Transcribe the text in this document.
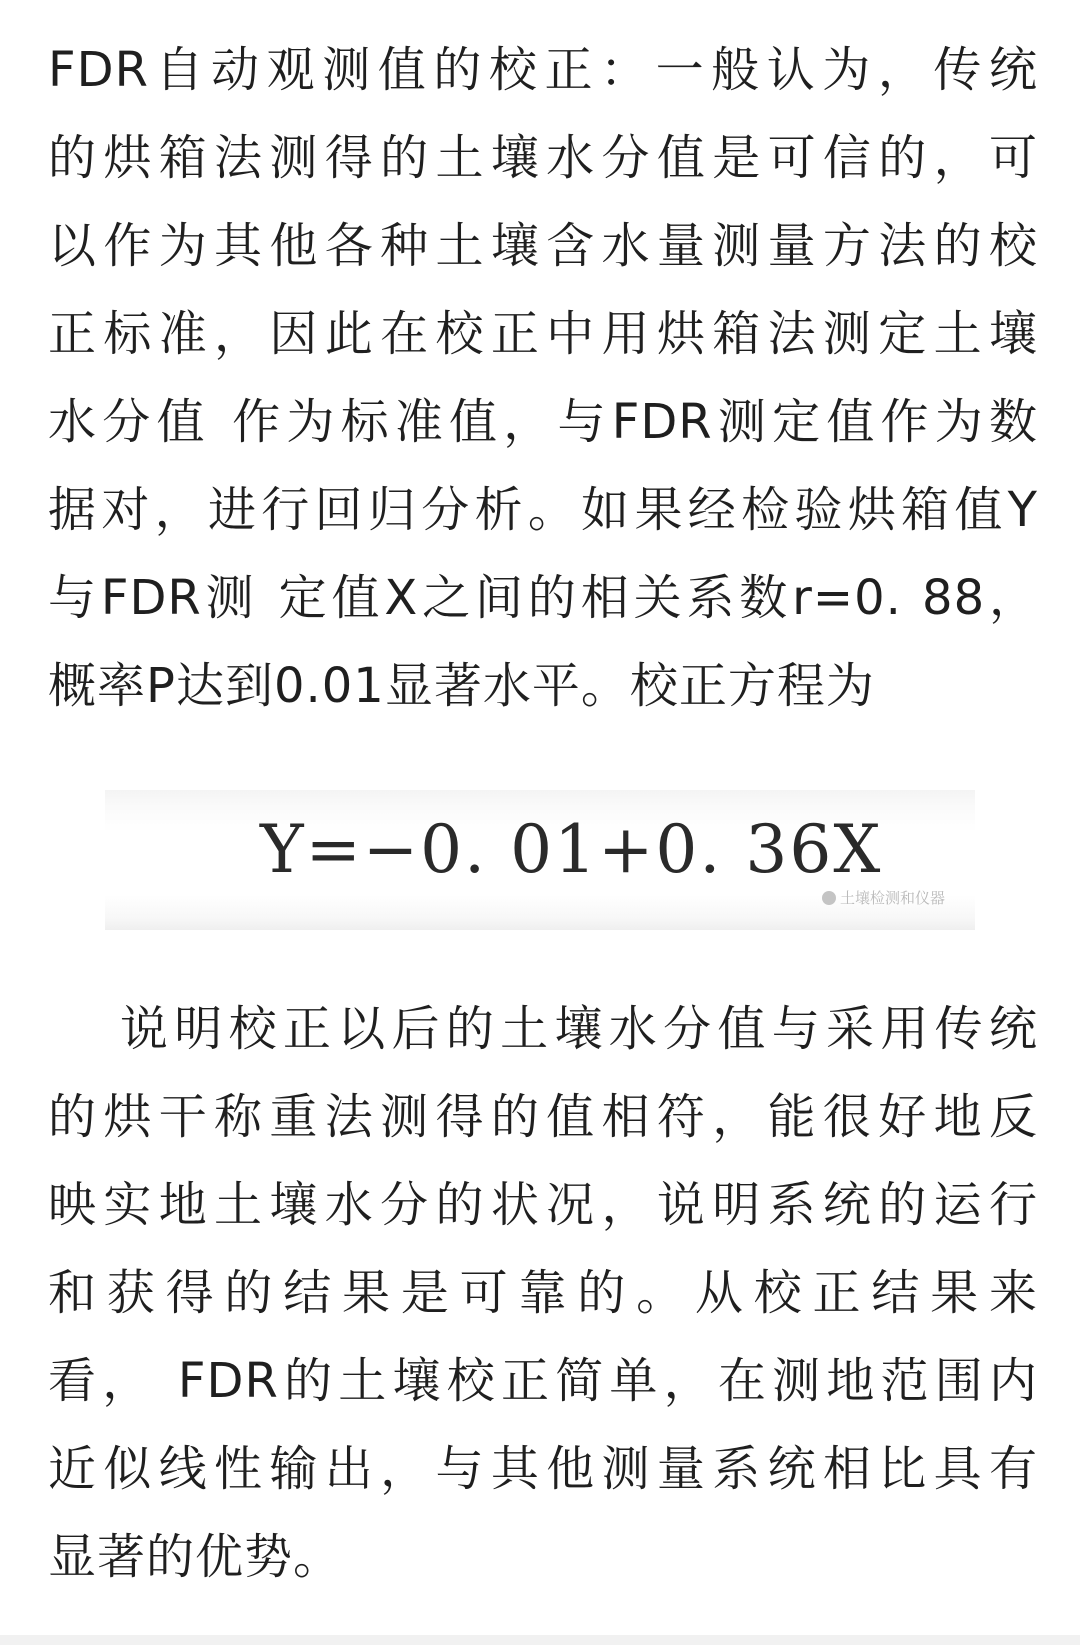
FDR自动观测值的校正：一般认为，传统
的烘箱法测得的土壤水分值是可信的，可
以作为其他各种土壤含水量测量方法的校
正标准，因此在校正中用烘箱法测定土壤
水分值 作为标准值，与FDR测定值作为数
据对，进行回归分析。如果经检验烘箱值Y
与FDR测 定值X之间的相关系数r=0. 88，
概率P达到0.01显著水平。校正方程为
说明校正以后的土壤水分值与采用传统
的烘干称重法测得的值相符，能很好地反
映实地土壤水分的状况，说明系统的运行
和获得的结果是可靠的。从校正结果来
看， FDR的土壤校正简单，在测地范围内
近似线性输出，与其他测量系统相比具有
显著的优势。
Y=−0. 01+0. 36X
土壤检测和仪器
